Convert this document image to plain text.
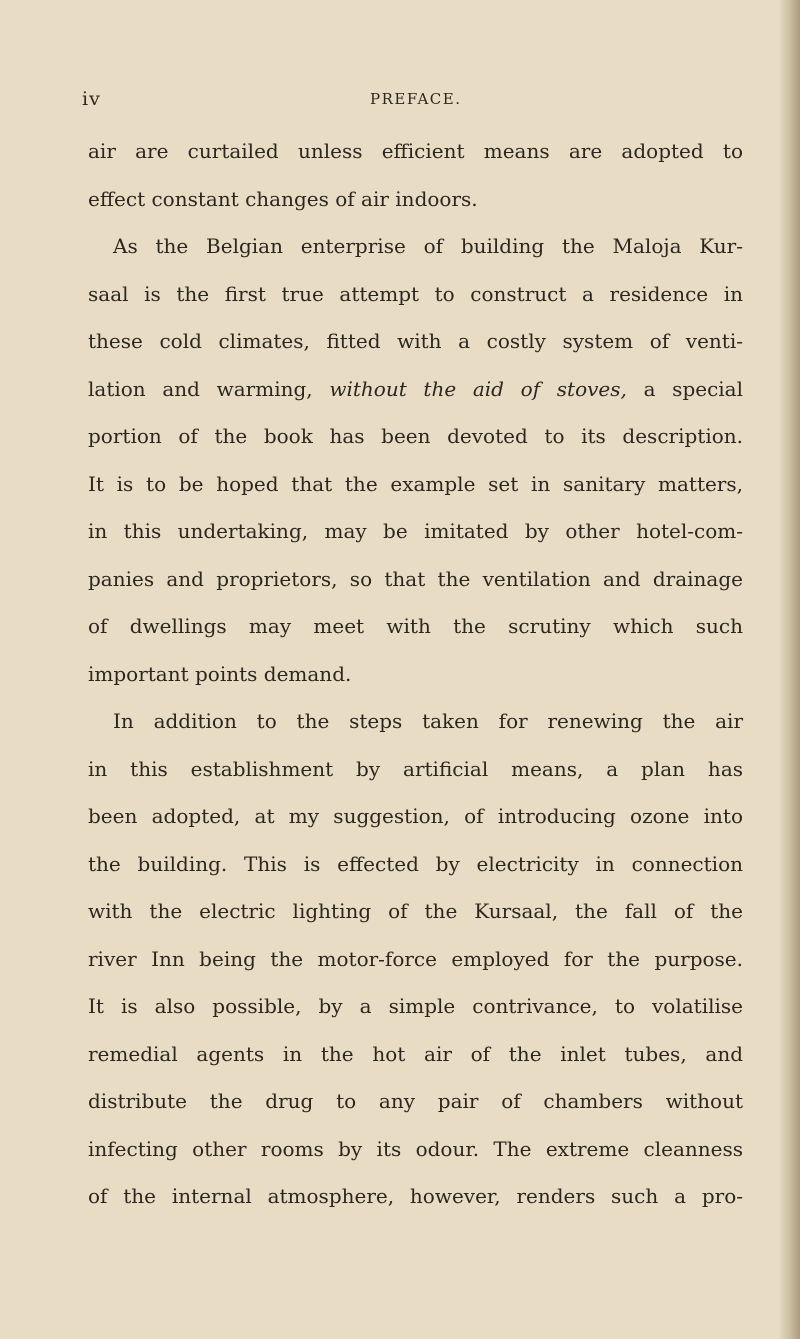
iv	PREFACE.
air are curtailed unless efficient means are adopted to
effect constant changes of air indoors.
As the Belgian enterprise of building the Maloja Kur-
saal is the first true attempt to construct a residence in
these cold climates, fitted with a costly system of venti-
lation and warming, without the aid of stoves, a special
portion of the book has been devoted to its description.
It is to be hoped that the example set in sanitary matters,
in this undertaking, may be imitated by other hotel-com-
panies and proprietors, so that the ventilation and drainage
of dwellings may meet with the scrutiny which such
important points demand.
In addition to the steps taken for renewing the air
in this establishment by artificial means, a plan has
been adopted, at my suggestion, of introducing ozone into
the building. This is effected by electricity in connection
with the electric lighting of the Kursaal, the fall of the
river Inn being the motor-force employed for the purpose.
It is also possible, by a simple contrivance, to volatilise
remedial agents in the hot air of the inlet tubes, and
distribute the drug to any pair of chambers without
infecting other rooms by its odour. The extreme cleanness
of the internal atmosphere, however, renders such a pro-
